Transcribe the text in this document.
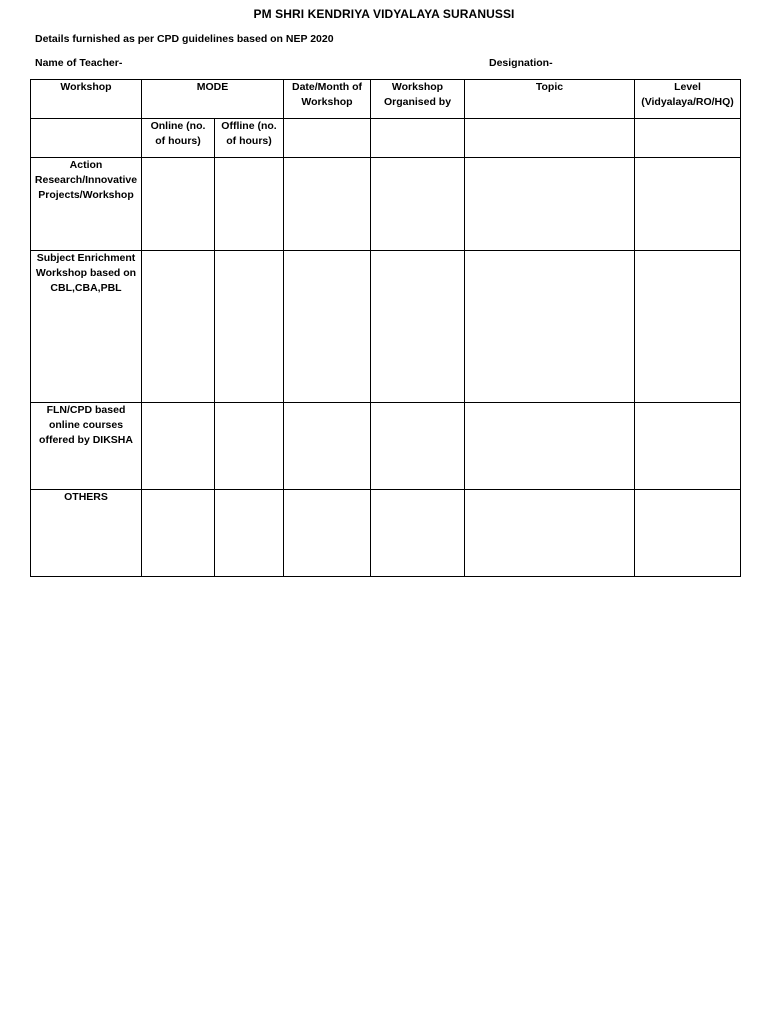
PM SHRI KENDRIYA VIDYALAYA SURANUSSI
Details furnished as per CPD guidelines based on NEP 2020
Name of Teacher-	Designation-
Workshop	MODE		Date/Month of Workshop	Workshop Organised by	Topic	Level (Vidyalaya/RO/HQ)

	Online (no. of hours)	Offline (no. of hours)				

Action Research/Innovative Projects/Workshop						

Subject Enrichment Workshop based on CBL,CBA,PBL						

FLN/CPD based online courses offered by DIKSHA						

OTHERS						
